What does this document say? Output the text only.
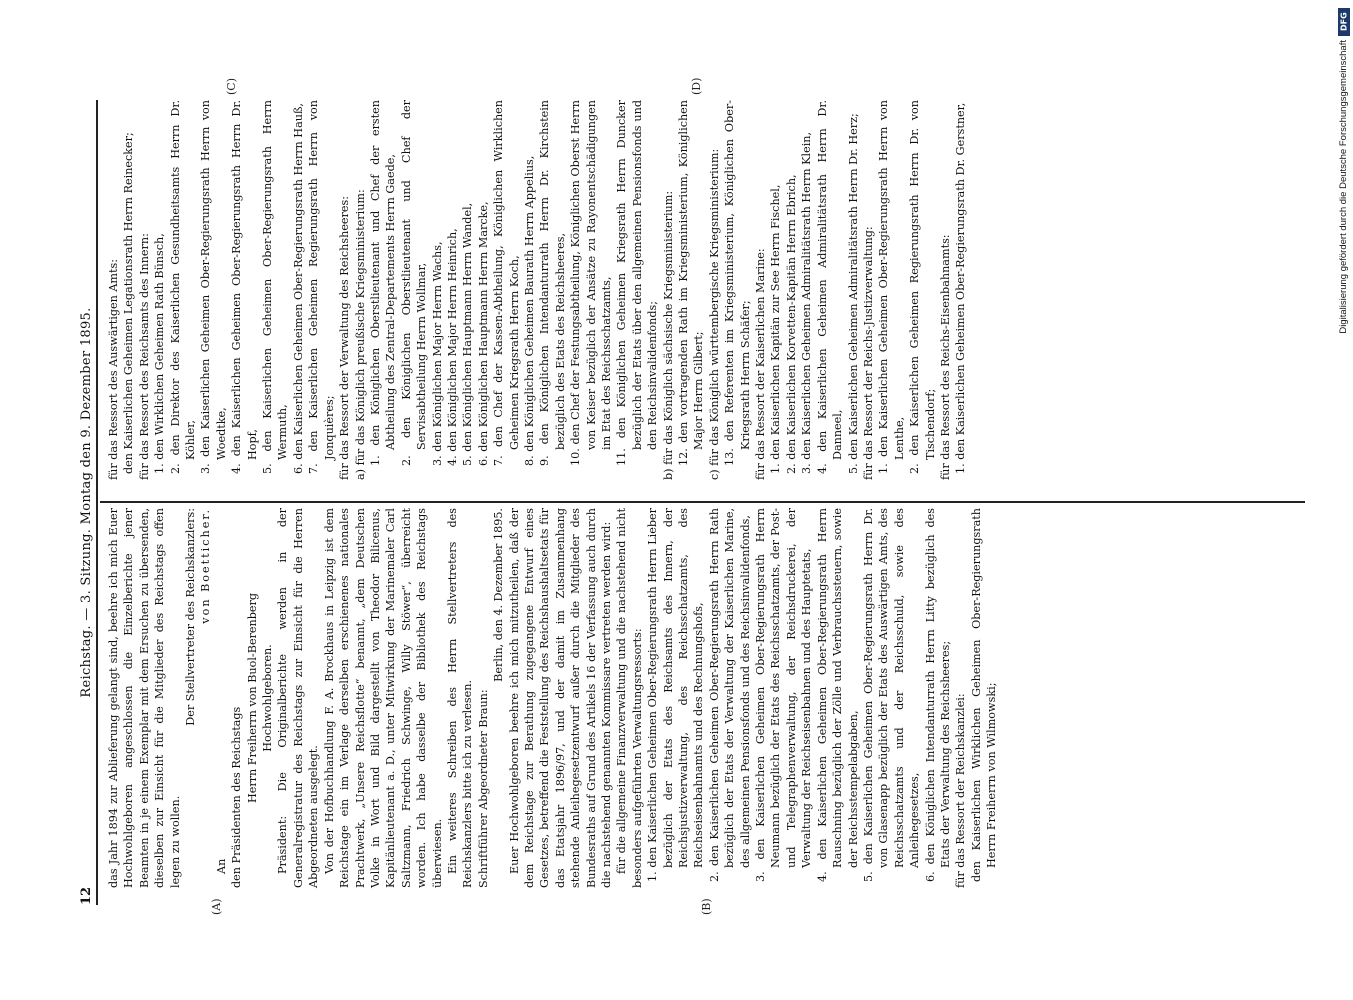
12
Reichstag. — 3. Sitzung. Montag den 9. Dezember 1895.
(A)	(B)
(C)	(D)

das Jahr 1894 zur Ablieferung gelangt sind, beehre ich mich Euer Hochwohlgeboren angeschlossen die Einzelberichte jener Beamten in je einem Exemplar mit dem Ersuchen zu übersenden, dieselben zur Einsicht für die Mitglieder des Reichstags offen legen zu wollen.

Der Stellvertreter des Reichskanzlers: von Boetticher.

An den Präsidenten des Reichstags Herrn Freiherrn von Buol-Berenberg Hochwohlgeboren. Präsident: Die Originalberichte werden in der Generalregistratur des Reichstags zur Einsicht für die Herren Abgeordneten ausgelegt. Von der Hofbuchhandlung F. A. Brockhaus in Leipzig ist dem Reichstage ein im Verlage derselben erschienenes nationales Prachtwerk, „Unsere Reichsflotte“ benannt, „dem Deutschen Volke in Wort und Bild dargestellt von Theodor Bilicenus, Kapitänlieutenant a. D., unter Mitwirkung der Marinemaler Carl Saltzmann, Friedrich Schwinge, Willy Stöwer“, überreicht worden. Ich habe dasselbe der Bibliothek des Reichstags überwiesen. Ein weiteres Schreiben des Herrn Stellvertreters des Reichskanzlers bitte ich zu verlesen. Schriftführer Abgeordneter Braun:

Berlin, den 4. Dezember 1895. Euer Hochwohlgeboren beehre ich mich mitzutheilen, daß der dem Reichstage zur Berathung zugegangene Entwurf eines Gesetzes, betreffend die Feststellung des Reichshaushaltsetats für das Etatsjahr 1896/97, und der damit im Zusammenhang stehende Anleihegesetzentwurf außer durch die Mitglieder des Bundesraths auf Grund des Artikels 16 der Verfassung auch durch die nachstehend genannten Kommissare vertreten werden wird: für die allgemeine Finanzverwaltung und die nachstehend nicht besonders aufgeführten Verwaltungsressorts: 1. den Kaiserlichen Geheimen Ober-Regierungsrath Herrn Lieber bezüglich der Etats des Reichsamts des Innern, der Reichsjustizverwaltung, des Reichsschatzamts, des Reichseisenbahnamts und des Rechnungshofs, 2. den Kaiserlichen Geheimen Ober-Regierungsrath Herrn Rath bezüglich der Etats der Verwaltung der Kaiserlichen Marine, des allgemeinen Pensionsfonds und des Reichsinvalidenfonds, 3. den Kaiserlichen Geheimen Ober-Regierungsrath Herrn Neumann bezüglich der Etats des Reichsschatzamts, der Post- und Telegraphenverwaltung, der Reichsdruckerei, der Verwaltung der Reichseisenbahnen und des Hauptetats, 4. den Kaiserlichen Geheimen Ober-Regierungsrath Herrn Rauschning bezüglich der Zölle und Verbrauchssteuern, sowie der Reichsstempelabgaben, 5. den Kaiserlichen Geheimen Ober-Regierungsrath Herrn Dr. von Glasenapp bezüglich der Etats des Auswärtigen Amts, des Reichsschatzamts und der Reichsschuld, sowie des Anleihegesetzes, 6. den Königlichen Intendanturrath Herrn Litty bezüglich des Etats der Verwaltung des Reichsheeres; für das Ressort der Reichskanzlei: den Kaiserlichen Wirklichen Geheimen Ober-Regierungsrath Herrn Freiherrn von Wilmowski;

für das Ressort des Auswärtigen Amts: den Kaiserlichen Geheimen Legationsrath Herrn Reinecker; für das Ressort des Reichsamts des Innern: 1. den Wirklichen Geheimen Rath Bünsch, 2. den Direktor des Kaiserlichen Gesundheitsamts Herrn Dr. Köhler, 3. den Kaiserlichen Geheimen Ober-Regierungsrath Herrn von Woedtke, 4. den Kaiserlichen Geheimen Ober-Regierungsrath Herrn Dr. Hopf, 5. den Kaiserlichen Geheimen Ober-Regierungsrath Herrn Wermuth, 6. den Kaiserlichen Geheimen Ober-Regierungsrath Herrn Hauß, 7. den Kaiserlichen Geheimen Regierungsrath Herrn von Jonquières; für das Ressort der Verwaltung des Reichsheeres: a) für das Königlich preußische Kriegsministerium: 1. den Königlichen Oberstlieutenant und Chef der ersten Abtheilung des Zentral-Departements Herrn Gaede, 2. den Königlichen Oberstlieutenant und Chef der Servisabtheilung Herrn Wollmar, 3. den Königlichen Major Herrn Wachs, 4. den Königlichen Major Herrn Heinrich, 5. den Königlichen Hauptmann Herrn Wandel, 6. den Königlichen Hauptmann Herrn Marcke, 7. den Chef der Kassen-Abtheilung, Königlichen Wirklichen Geheimen Kriegsrath Herrn Koch, 8. den Königlichen Geheimen Baurath Herrn Appelius, 9. den Königlichen Intendanturrath Herrn Dr. Kirchstein bezüglich des Etats des Reichsheeres, 10. den Chef der Festungsabtheilung, Königlichen Oberst Herrn von Keiser bezüglich der Ansätze zu Rayonentschädigungen im Etat des Reichsschatzamts, 11. den Königlichen Geheimen Kriegsrath Herrn Duncker bezüglich der Etats über den allgemeinen Pensionsfonds und den Reichsinvalidenfonds; b) für das Königlich sächsische Kriegsministerium: 12. den vortragenden Rath im Kriegsministerium, Königlichen Major Herrn Gilbert; c) für das Königlich württembergische Kriegsministerium: 13. den Referenten im Kriegsministerium, Königlichen Ober-Kriegsrath Herrn Schäfer; für das Ressort der Kaiserlichen Marine: 1. den Kaiserlichen Kapitän zur See Herrn Fischel, 2. den Kaiserlichen Korvetten-Kapitän Herrn Ebrich, 3. den Kaiserlichen Geheimen Admiralitätsrath Herrn Klein, 4. den Kaiserlichen Geheimen Admiralitätsrath Herrn Dr. Danneel, 5. den Kaiserlichen Geheimen Admiralitätsrath Herrn Dr. Herz; für das Ressort der Reichs-Justizverwaltung: 1. den Kaiserlichen Geheimen Ober-Regierungsrath Herrn von Lenthe, 2. den Kaiserlichen Geheimen Regierungsrath Herrn Dr. von Tischendorf; für das Ressort des Reichs-Eisenbahnamts: 1. den Kaiserlichen Geheimen Ober-Regierungsrath Dr. Gerstner,

DFG
Digitalisierung gefördert durch die Deutsche Forschungsgemeinschaft
